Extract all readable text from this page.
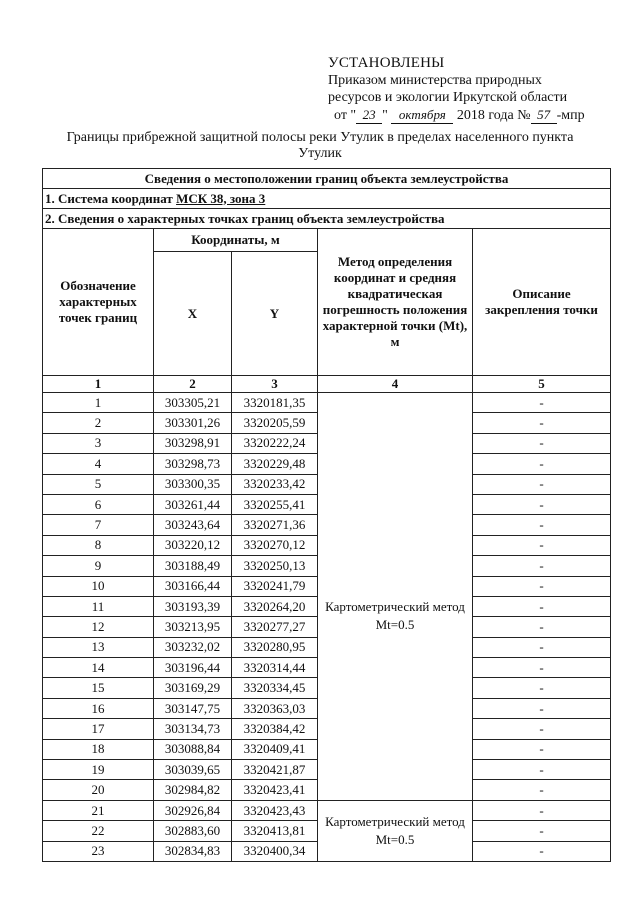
УСТАНОВЛЕНЫ
Приказом министерства природных
ресурсов и экологии Иркутской области
от " 23 " октября 2018 года № 57 -мпр
Границы прибрежной защитной полосы реки Утулик в пределах населенного пункта
Утулик
Сведения о местоположении границ объекта землеустройства				
1. Система координат МСК 38, зона 3				
2. Сведения о характерных точках границ объекта землеустройства				
Обозначение характерных точек границ	Координаты, м		Метод определения координат и средняя квадратическая погрешность положения характерной точки (Mt), м	Описание закрепления точки
	X	Y		
1	2	3	4	5
1	303305,21	3320181,35	Картометрический метод Mt=0.5	-
2	303301,26	3320205,59		-
3	303298,91	3320222,24		-
4	303298,73	3320229,48		-
5	303300,35	3320233,42		-
6	303261,44	3320255,41		-
7	303243,64	3320271,36		-
8	303220,12	3320270,12		-
9	303188,49	3320250,13		-
10	303166,44	3320241,79		-
11	303193,39	3320264,20		-
12	303213,95	3320277,27		-
13	303232,02	3320280,95		-
14	303196,44	3320314,44		-
15	303169,29	3320334,45		-
16	303147,75	3320363,03		-
17	303134,73	3320384,42		-
18	303088,84	3320409,41		-
19	303039,65	3320421,87		-
20	302984,82	3320423,41		-
21	302926,84	3320423,43	Картометрический метод Mt=0.5	-
22	302883,60	3320413,81		-
23	302834,83	3320400,34		-
